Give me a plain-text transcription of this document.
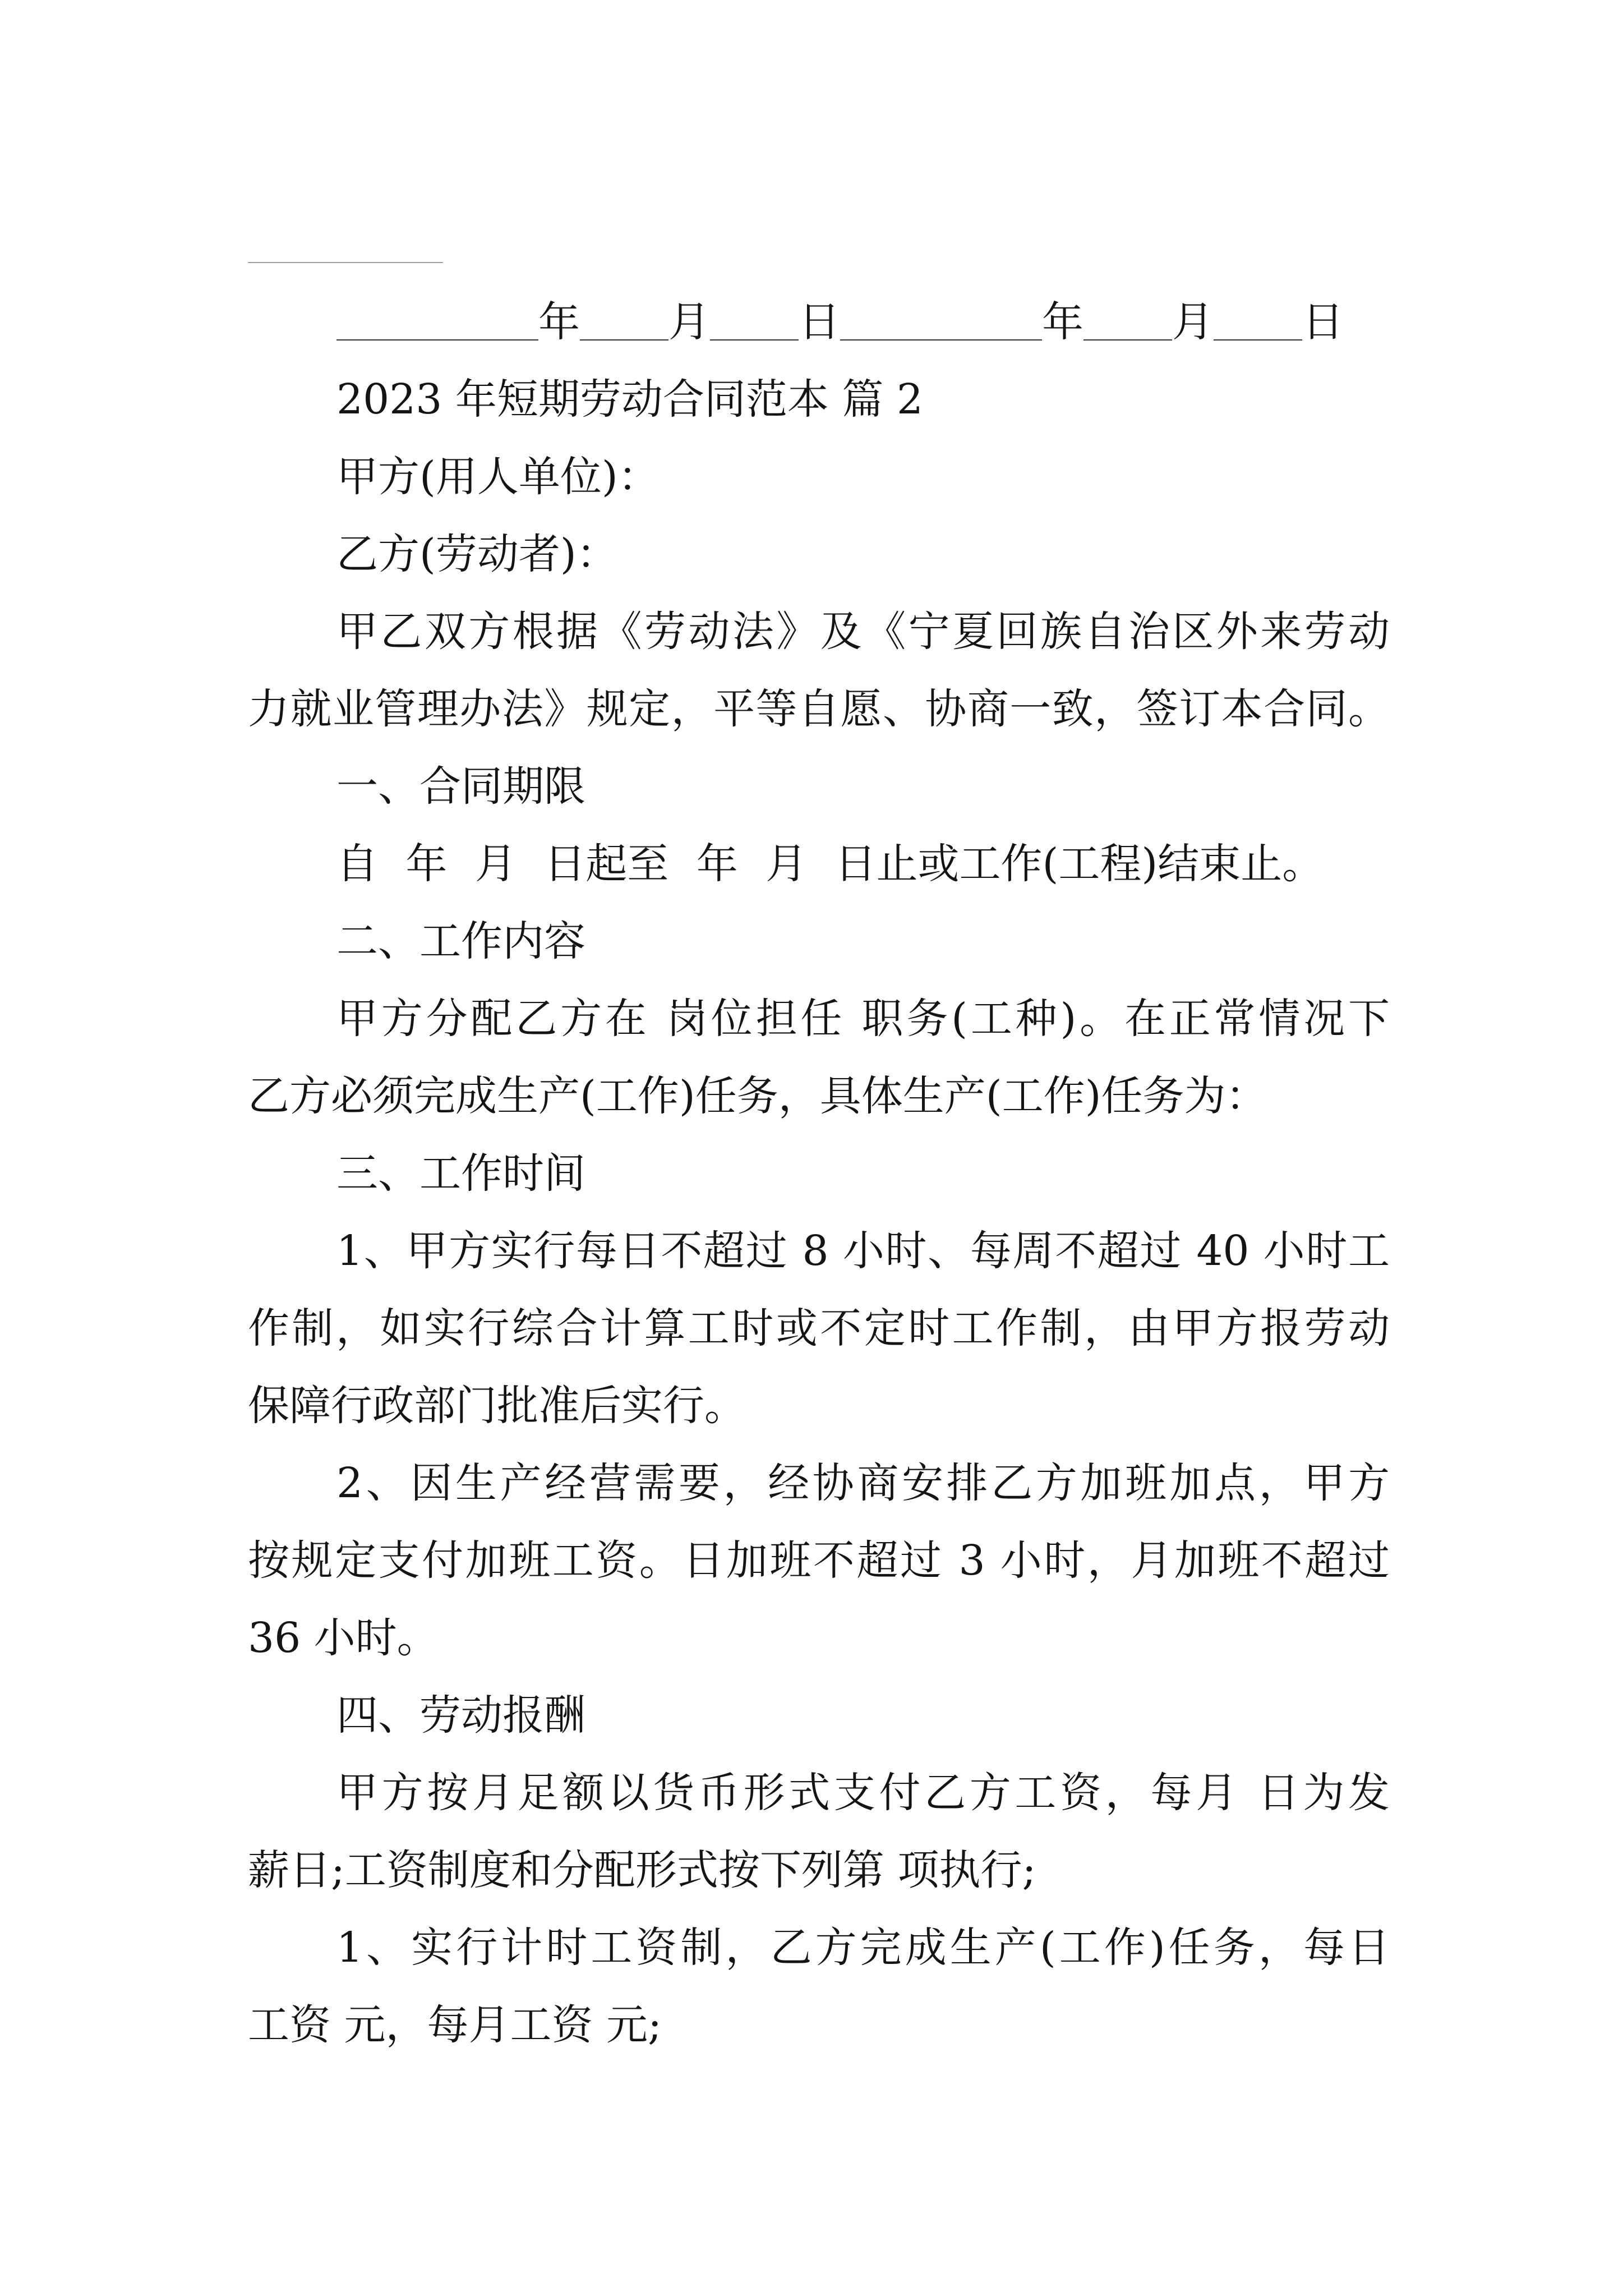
年 月 日	年 月 日
2023 年短期劳动合同范本 篇 2
甲方(用人单位)：
乙方(劳动者)：
甲乙双方根据《劳动法》及《宁夏回族自治区外来劳动
力就业管理办法》规定，平等自愿、协商一致，签订本合同。
一、合同期限
自 年 月 日起至 年 月 日止或工作(工程)结束止。
二、工作内容
甲方分配乙方在 岗位担任 职务(工种)。在正常情况下
乙方必须完成生产(工作)任务，具体生产(工作)任务为：
三、工作时间
1、甲方实行每日不超过 8 小时、每周不超过 40 小时工
作制，如实行综合计算工时或不定时工作制，由甲方报劳动
保障行政部门批准后实行。
2、因生产经营需要，经协商安排乙方加班加点，甲方
按规定支付加班工资。日加班不超过 3 小时，月加班不超过
36 小时。
四、劳动报酬
甲方按月足额以货币形式支付乙方工资，每月 日为发
薪日;工资制度和分配形式按下列第 项执行;
1、实行计时工资制，乙方完成生产(工作)任务，每日
工资 元，每月工资 元;
